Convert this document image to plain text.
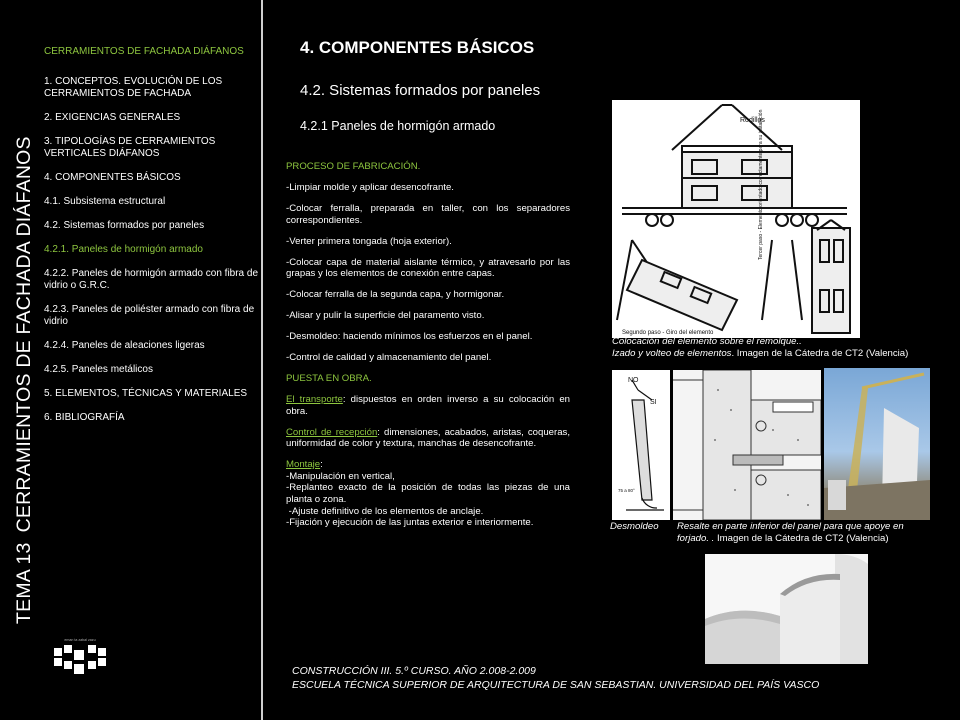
TEMA 13CERRAMIENTOS DE FACHADA DIÁFANOS
CERRAMIENTOS DE FACHADA DIÁFANOS
1. CONCEPTOS. EVOLUCIÓN DE LOS CERRAMIENTOS DE FACHADA
2. EXIGENCIAS GENERALES
3. TIPOLOGÍAS DE CERRAMIENTOS VERTICALES DIÁFANOS
4. COMPONENTES BÁSICOS
4.1. Subsistema estructural
4.2. Sistemas formados por paneles
4.2.1. Paneles de hormigón armado
4.2.2. Paneles de hormigón armado con fibra de vidrio o G.R.C.
4.2.3. Paneles de poliéster armado con fibra de vidrio
4.2.4. Paneles de aleaciones ligeras
4.2.5. Paneles metálicos
5. ELEMENTOS, TÉCNICAS Y MATERIALES
6. BIBLIOGRAFÍA
eman ta zabal zazu
4. COMPONENTES BÁSICOS
4.2. Sistemas formados por paneles
4.2.1 Paneles de hormigón armado

PROCESO DE FABRICACIÓN.

-Limpiar molde y aplicar desencofrante.

-Colocar ferralla, preparada en taller, con los separadores correspondientes.

-Verter primera tongada (hoja exterior).

-Colocar capa de material aislante térmico, y atravesarlo por las grapas y los elementos de conexión entre capas.

-Colocar ferralla de la segunda capa, y hormigonar.

-Alisar y pulir la superficie del paramento visto.

-Desmoldeo: haciendo mínimos los esfuerzos en el panel.

-Control de calidad y almacenamiento del panel.

PUESTA EN OBRA.

El transporte: dispuestos en orden inverso a su colocación en obra.

Control de recepción: dimensiones, acabados, aristas, coqueras, uniformidad de color y textura, manchas de desencofrante.

Montaje:

-Manipulación en vertical,

-Replanteo exacto de la posición de todas las piezas de una planta o zona.

-Ajuste definitivo de los elementos de anclaje.

-Fijación y ejecución de las juntas exterior e interiormente.

Rodillos
Segundo paso - Giro del elemento
Tercer paso - Elemento orientado correctamente para su instalación
Colocación del elemento sobre el remolque..
Izado y volteo de elementos. Imagen de la Cátedra de CT2 (Valencia)
NO
SI
75 a 80°
Desmoldeo	Resalte en parte inferior del panel para que apoye en
forjado. . Imagen de la Cátedra de CT2 (Valencia)
CONSTRUCCIÓN III. 5.º CURSO. AÑO 2.008-2.009
ESCUELA TÉCNICA SUPERIOR DE ARQUITECTURA DE SAN SEBASTIAN. UNIVERSIDAD DEL PAÍS VASCO
